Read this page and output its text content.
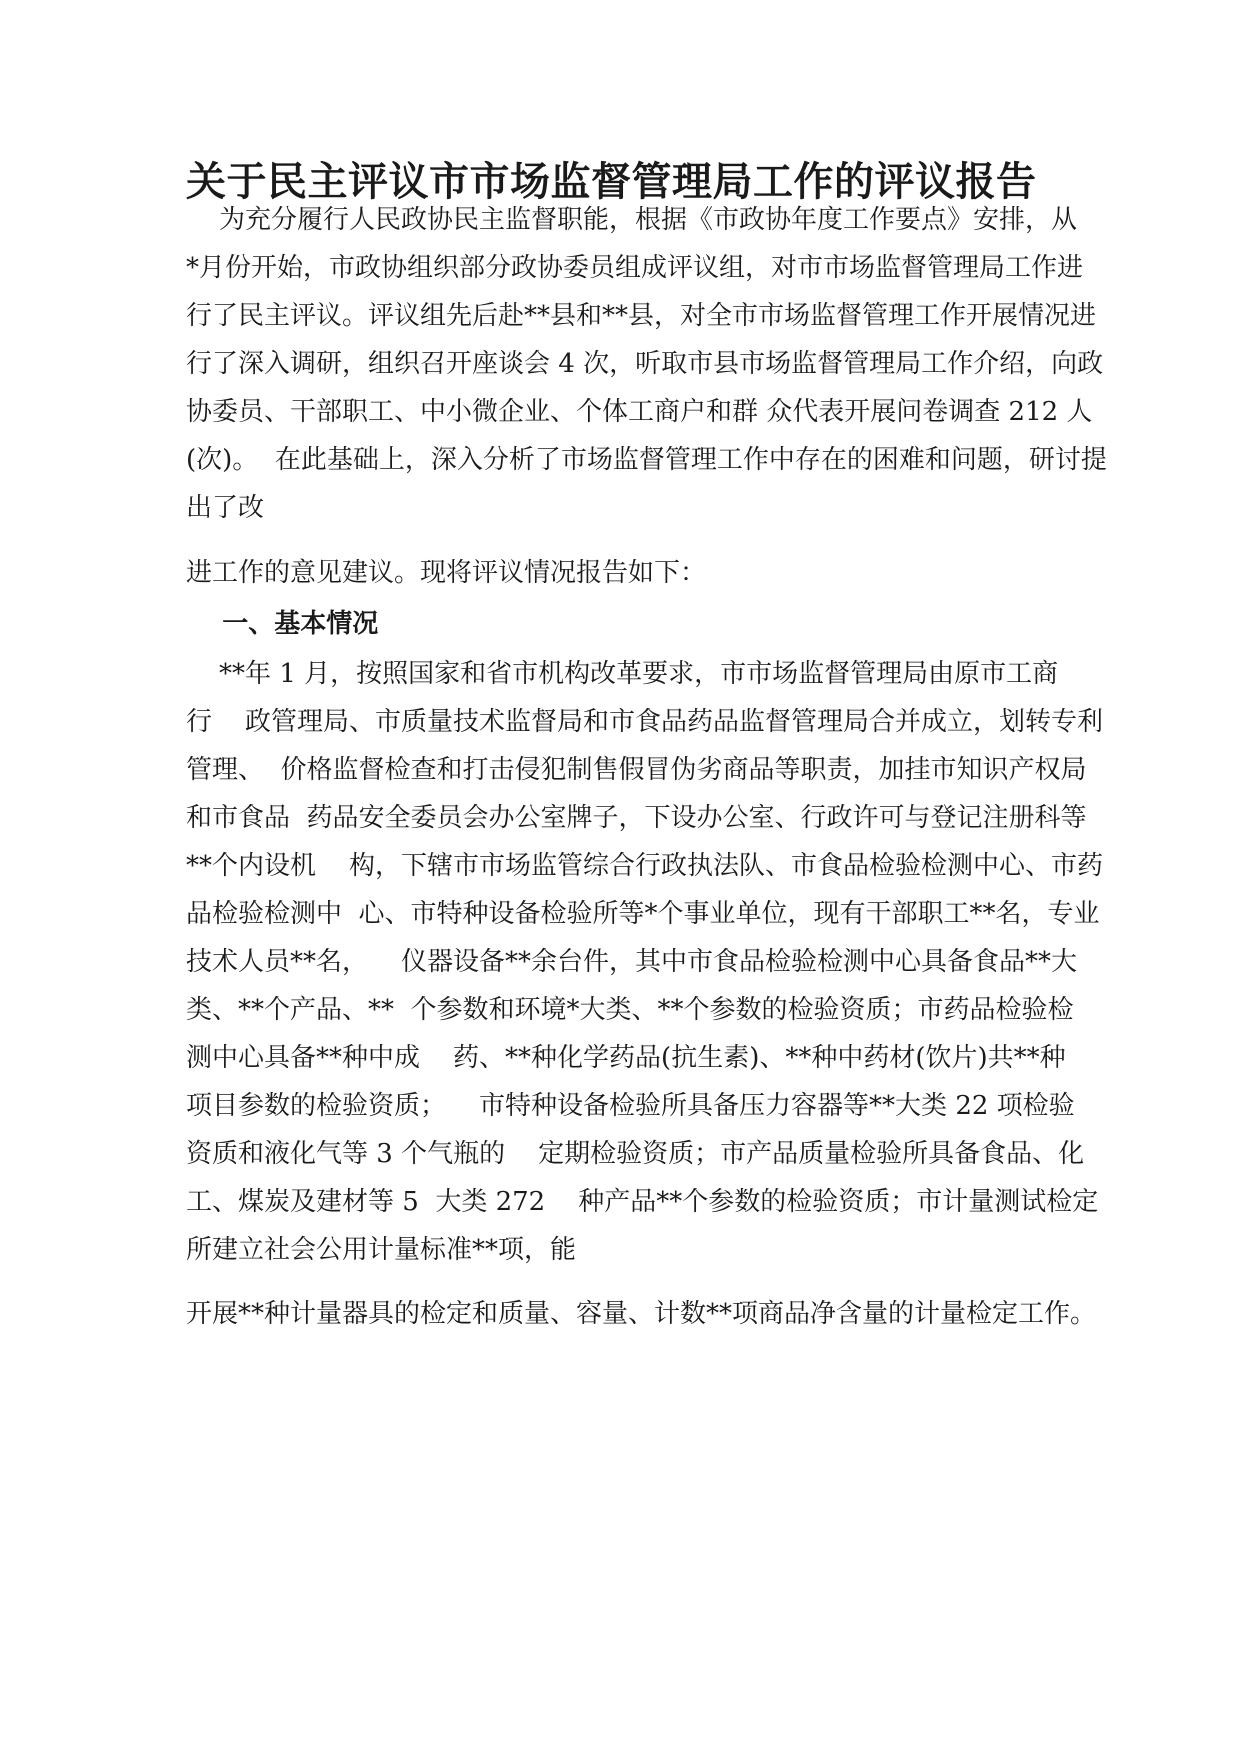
关于民主评议市市场监督管理局工作的评议报告

为充分履行人民政协民主监督职能，根据《市政协年度工作要点》安排，从

*月份开始，市政协组织部分政协委员组成评议组，对市市场监督管理局工作进

行了民主评议。评议组先后赴**县和**县，对全市市场监督管理工作开展情况进

行了深入调研，组织召开座谈会 4 次，听取市县市场监督管理局工作介绍，向政

协委员、干部职工、中小微企业、个体工商户和群 众代表开展问卷调查 212 人

(次)。  在此基础上，深入分析了市场监督管理工作中存在的困难和问题，研讨提

出了改

进工作的意见建议。现将评议情况报告如下：

一、基本情况

**年 1 月，按照国家和省市机构改革要求，市市场监督管理局由原市工商

行    政管理局、市质量技术监督局和市食品药品监督管理局合并成立，划转专利

管理、  价格监督检查和打击侵犯制售假冒伪劣商品等职责，加挂市知识产权局

和市食品  药品安全委员会办公室牌子，下设办公室、行政许可与登记注册科等

**个内设机    构，下辖市市场监管综合行政执法队、市食品检验检测中心、市药

品检验检测中  心、市特种设备检验所等*个事业单位，现有干部职工**名，专业

技术人员**名，    仪器设备**余台件，其中市食品检验检测中心具备食品**大

类、**个产品、**  个参数和环境*大类、**个参数的检验资质；市药品检验检

测中心具备**种中成    药、**种化学药品(抗生素)、**种中药材(饮片)共**种

项目参数的检验资质；    市特种设备检验所具备压力容器等**大类 22 项检验

资质和液化气等 3 个气瓶的    定期检验资质；市产品质量检验所具备食品、化

工、煤炭及建材等 5  大类 272    种产品**个参数的检验资质；市计量测试检定

所建立社会公用计量标准**项，能

开展**种计量器具的检定和质量、容量、计数**项商品净含量的计量检定工作。
